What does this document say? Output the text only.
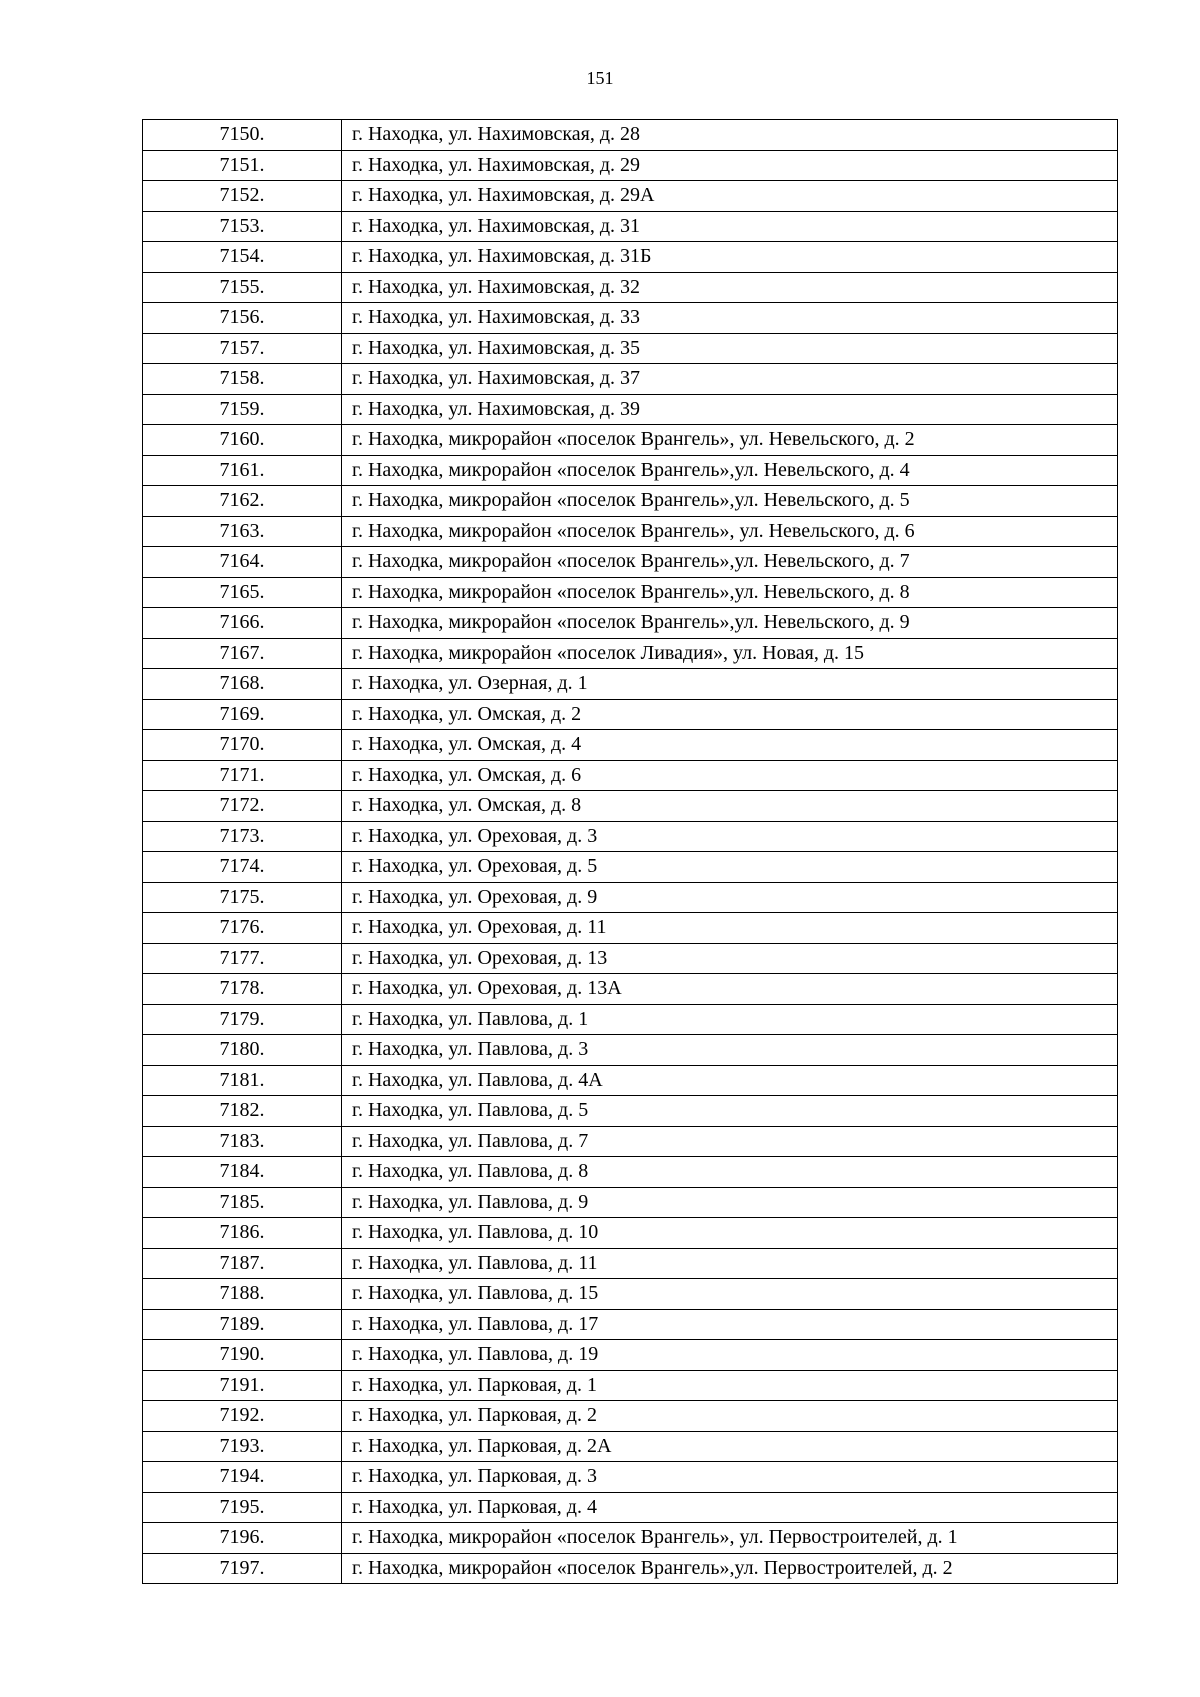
151
7150.	г. Находка, ул. Нахимовская, д. 28
7151.	г. Находка, ул. Нахимовская, д. 29
7152.	г. Находка, ул. Нахимовская, д. 29А
7153.	г. Находка, ул. Нахимовская, д. 31
7154.	г. Находка, ул. Нахимовская, д. 31Б
7155.	г. Находка, ул. Нахимовская, д. 32
7156.	г. Находка, ул. Нахимовская, д. 33
7157.	г. Находка, ул. Нахимовская, д. 35
7158.	г. Находка, ул. Нахимовская, д. 37
7159.	г. Находка, ул. Нахимовская, д. 39
7160.	г. Находка, микрорайон «поселок Врангель», ул. Невельского, д. 2
7161.	г. Находка, микрорайон «поселок Врангель»,ул. Невельского, д. 4
7162.	г. Находка, микрорайон «поселок Врангель»,ул. Невельского, д. 5
7163.	г. Находка, микрорайон «поселок Врангель», ул. Невельского, д. 6
7164.	г. Находка, микрорайон «поселок Врангель»,ул. Невельского, д. 7
7165.	г. Находка, микрорайон «поселок Врангель»,ул. Невельского, д. 8
7166.	г. Находка, микрорайон «поселок Врангель»,ул. Невельского, д. 9
7167.	г. Находка, микрорайон «поселок Ливадия», ул. Новая, д. 15
7168.	г. Находка, ул. Озерная, д. 1
7169.	г. Находка, ул. Омская, д. 2
7170.	г. Находка, ул. Омская, д. 4
7171.	г. Находка, ул. Омская, д. 6
7172.	г. Находка, ул. Омская, д. 8
7173.	г. Находка, ул. Ореховая, д. 3
7174.	г. Находка, ул. Ореховая, д. 5
7175.	г. Находка, ул. Ореховая, д. 9
7176.	г. Находка, ул. Ореховая, д. 11
7177.	г. Находка, ул. Ореховая, д. 13
7178.	г. Находка, ул. Ореховая, д. 13А
7179.	г. Находка, ул. Павлова, д. 1
7180.	г. Находка, ул. Павлова, д. 3
7181.	г. Находка, ул. Павлова, д. 4А
7182.	г. Находка, ул. Павлова, д. 5
7183.	г. Находка, ул. Павлова, д. 7
7184.	г. Находка, ул. Павлова, д. 8
7185.	г. Находка, ул. Павлова, д. 9
7186.	г. Находка, ул. Павлова, д. 10
7187.	г. Находка, ул. Павлова, д. 11
7188.	г. Находка, ул. Павлова, д. 15
7189.	г. Находка, ул. Павлова, д. 17
7190.	г. Находка, ул. Павлова, д. 19
7191.	г. Находка, ул. Парковая, д. 1
7192.	г. Находка, ул. Парковая, д. 2
7193.	г. Находка, ул. Парковая, д. 2А
7194.	г. Находка, ул. Парковая, д. 3
7195.	г. Находка, ул. Парковая, д. 4
7196.	г. Находка, микрорайон «поселок Врангель», ул. Первостроителей, д. 1
7197.	г. Находка, микрорайон «поселок Врангель»,ул. Первостроителей, д. 2
